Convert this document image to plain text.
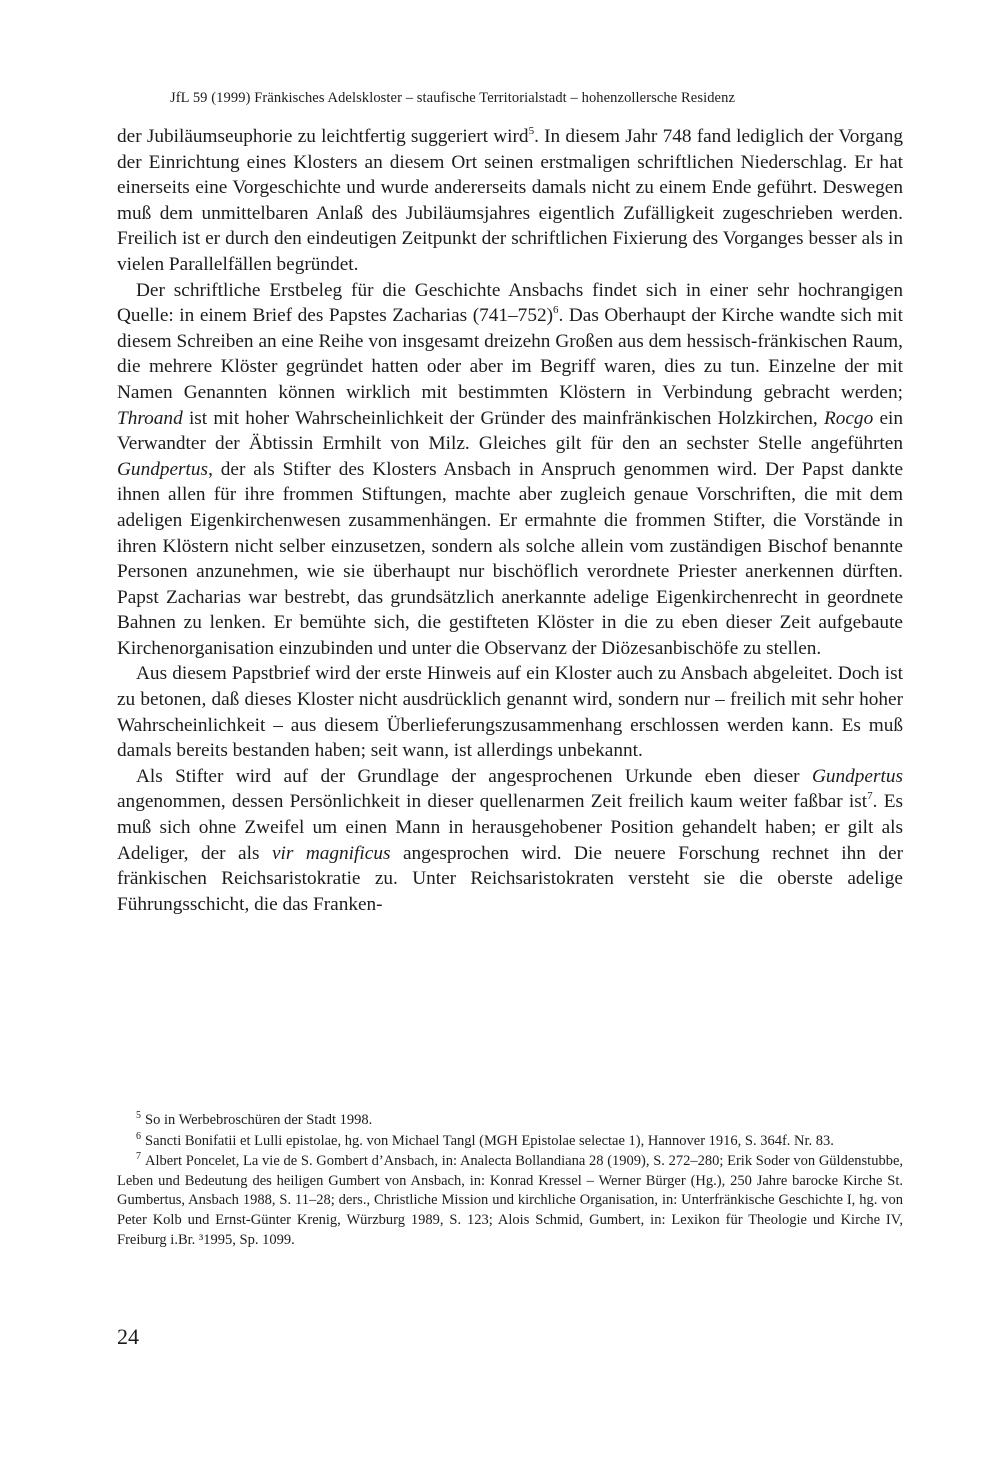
JfL 59 (1999) Fränkisches Adelskloster – staufische Territorialstadt – hohenzollersche Residenz

der Jubiläumseuphorie zu leichtfertig suggeriert wird$^5$. In diesem Jahr 748 fand lediglich der Vorgang der Einrichtung eines Klosters an diesem Ort seinen erstmaligen schriftlichen Niederschlag. Er hat einerseits eine Vorgeschichte und wurde andererseits damals nicht zu einem Ende geführt. Deswegen muß dem unmittelbaren Anlaß des Jubiläumsjahres eigentlich Zufälligkeit zugeschrieben werden. Freilich ist er durch den eindeutigen Zeitpunkt der schriftlichen Fixierung des Vorganges besser als in vielen Parallelfällen begründet.

Der schriftliche Erstbeleg für die Geschichte Ansbachs findet sich in einer sehr hochrangigen Quelle: in einem Brief des Papstes Zacharias $(741-752)^6$. Das Oberhaupt der Kirche wandte sich mit diesem Schreiben an eine Reihe von insgesamt dreizehn Großen aus dem hessisch-fränkischen Raum, die mehrere Klöster gegründet hatten oder aber im Begriff waren, dies zu tun. Einzelne der mit Namen Genannten können wirklich mit bestimmten Klöstern in Verbindung gebracht werden; Throand ist mit hoher Wahrscheinlichkeit der Gründer des mainfränkischen Holzkirchen, Rocgo ein Verwandter der Äbtissin Ermhilt von Milz. Gleiches gilt für den an sechster Stelle angeführten Gundpertus, der als Stifter des Klosters Ansbach in Anspruch genommen wird. Der Papst dankte ihnen allen für ihre frommen Stiftungen, machte aber zugleich genaue Vorschriften, die mit dem adeligen Eigenkirchenwesen zusammenhängen. Er ermahnte die frommen Stifter, die Vorstände in ihren Klöstern nicht selber einzusetzen, sondern als solche allein vom zuständigen Bischof benannte Personen anzunehmen, wie sie überhaupt nur bischöflich verordnete Priester anerkennen dürften. Papst Zacharias war bestrebt, das grundsätzlich anerkannte adelige Eigenkirchenrecht in geordnete Bahnen zu lenken. Er bemühte sich, die gestifteten Klöster in die zu eben dieser Zeit aufgebaute Kirchenorganisation einzubinden und unter die Observanz der Diözesanbischöfe zu stellen.

Aus diesem Papstbrief wird der erste Hinweis auf ein Kloster auch zu Ansbach abgeleitet. Doch ist zu betonen, daß dieses Kloster nicht ausdrücklich genannt wird, sondern nur – freilich mit sehr hoher Wahrscheinlichkeit – aus diesem Überlieferungszusammenhang erschlossen werden kann. Es muß damals bereits bestanden haben; seit wann, ist allerdings unbekannt.

Als Stifter wird auf der Grundlage der angesprochenen Urkunde eben dieser Gundpertus angenommen, dessen Persönlichkeit in dieser quellenarmen Zeit freilich kaum weiter faßbar ist$^7$. Es muß sich ohne Zweifel um einen Mann in herausgehobener Position gehandelt haben; er gilt als Adeliger, der als vir magnificus angesprochen wird. Die neuere Forschung rechnet ihn der fränkischen Reichsaristokratie zu. Unter Reichsaristokraten versteht sie die oberste adelige Führungsschicht, die das Franken-

$^5$ So in Werbebroschüren der Stadt 1998.

$^6$ Sancti Bonifatii et Lulli epistolae, hg. von Michael Tangl (MGH Epistolae selectae 1), Hannover 1916, S. 364f. Nr. 83.

$^7$ Albert Poncelet, La vie de S. Gombert d’Ansbach, in: Analecta Bollandiana 28 (1909), S. 272–280; Erik Soder von Güldenstubbe, Leben und Bedeutung des heiligen Gumbert von Ansbach, in: Konrad Kressel – Werner Bürger (Hg.), 250 Jahre barocke Kirche St. Gumbertus, Ansbach 1988, S. 11–28; ders., Christliche Mission und kirchliche Organisation, in: Unterfränkische Geschichte I, hg. von Peter Kolb und Ernst-Günter Krenig, Würzburg 1989, S. 123; Alois Schmid, Gumbert, in: Lexikon für Theologie und Kirche IV, Freiburg i.Br. ³1995, Sp. 1099.

24
